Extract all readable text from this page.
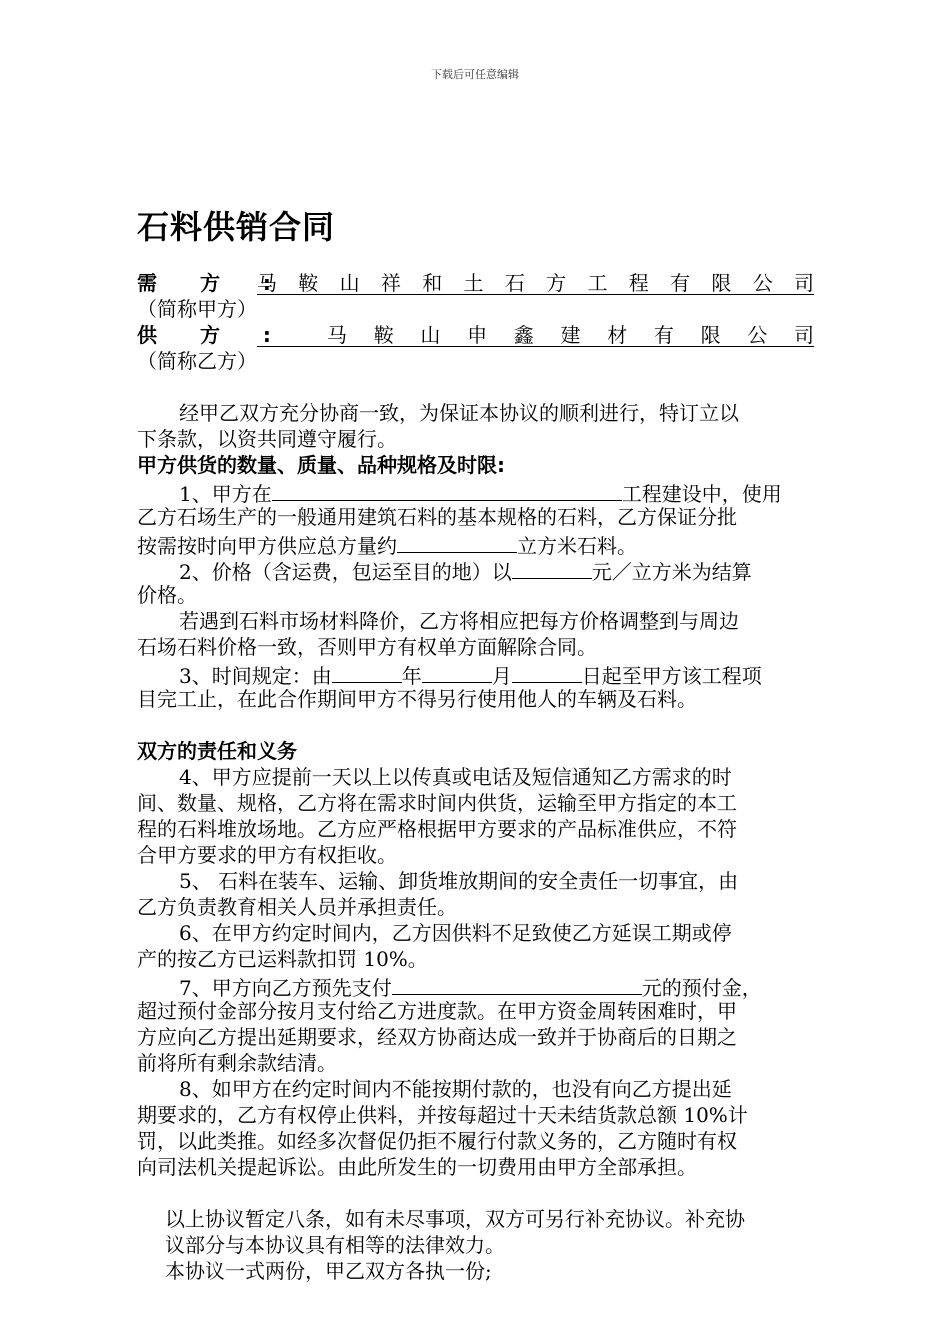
下载后可任意编辑
石料供销合同
需 方 :
马鞍山祥和土石方工程有限公司
（简称甲方）
供 方 :	马鞍山申鑫建材有限公司
（简称乙方）
经甲乙双方充分协商一致，为保证本协议的顺利进行，特订立以
下条款，以资共同遵守履行。
甲方供货的数量、质量、品种规格及时限:
1、甲方在	工程建设中，使用
乙方石场生产的一般通用建筑石料的基本规格的石料，乙方保证分批
按需按时向甲方供应总方量约	立方米石料。
2、价格（含运费，包运至目的地）以	元／立方米为结算
价格。
若遇到石料市场材料降价，乙方将相应把每方价格调整到与周边
石场石料价格一致，否则甲方有权单方面解除合同。
3、时间规定：由	年	月	日起至甲方该工程项
目完工止，在此合作期间甲方不得另行使用他人的车辆及石料。
双方的责任和义务
4、甲方应提前一天以上以传真或电话及短信通知乙方需求的时
间、数量、规格，乙方将在需求时间内供货，运输至甲方指定的本工
程的石料堆放场地。乙方应严格根据甲方要求的产品标准供应，不符
合甲方要求的甲方有权拒收。
5、 石料在装车、运输、卸货堆放期间的安全责任一切事宜，由
乙方负责教育相关人员并承担责任。
6、在甲方约定时间内，乙方因供料不足致使乙方延误工期或停
产的按乙方已运料款扣罚 10%。
7、甲方向乙方预先支付	元的预付金，
超过预付金部分按月支付给乙方进度款。在甲方资金周转困难时，甲
方应向乙方提出延期要求，经双方协商达成一致并于协商后的日期之
前将所有剩余款结清。
8、如甲方在约定时间内不能按期付款的，也没有向乙方提出延
期要求的，乙方有权停止供料，并按每超过十天未结货款总额 10%计
罚，以此类推。如经多次督促仍拒不履行付款义务的，乙方随时有权
向司法机关提起诉讼。由此所发生的一切费用由甲方全部承担。
以上协议暂定八条，如有未尽事项，双方可另行补充协议。补充协
议部分与本协议具有相等的法律效力。
本协议一式两份，甲乙双方各执一份;
